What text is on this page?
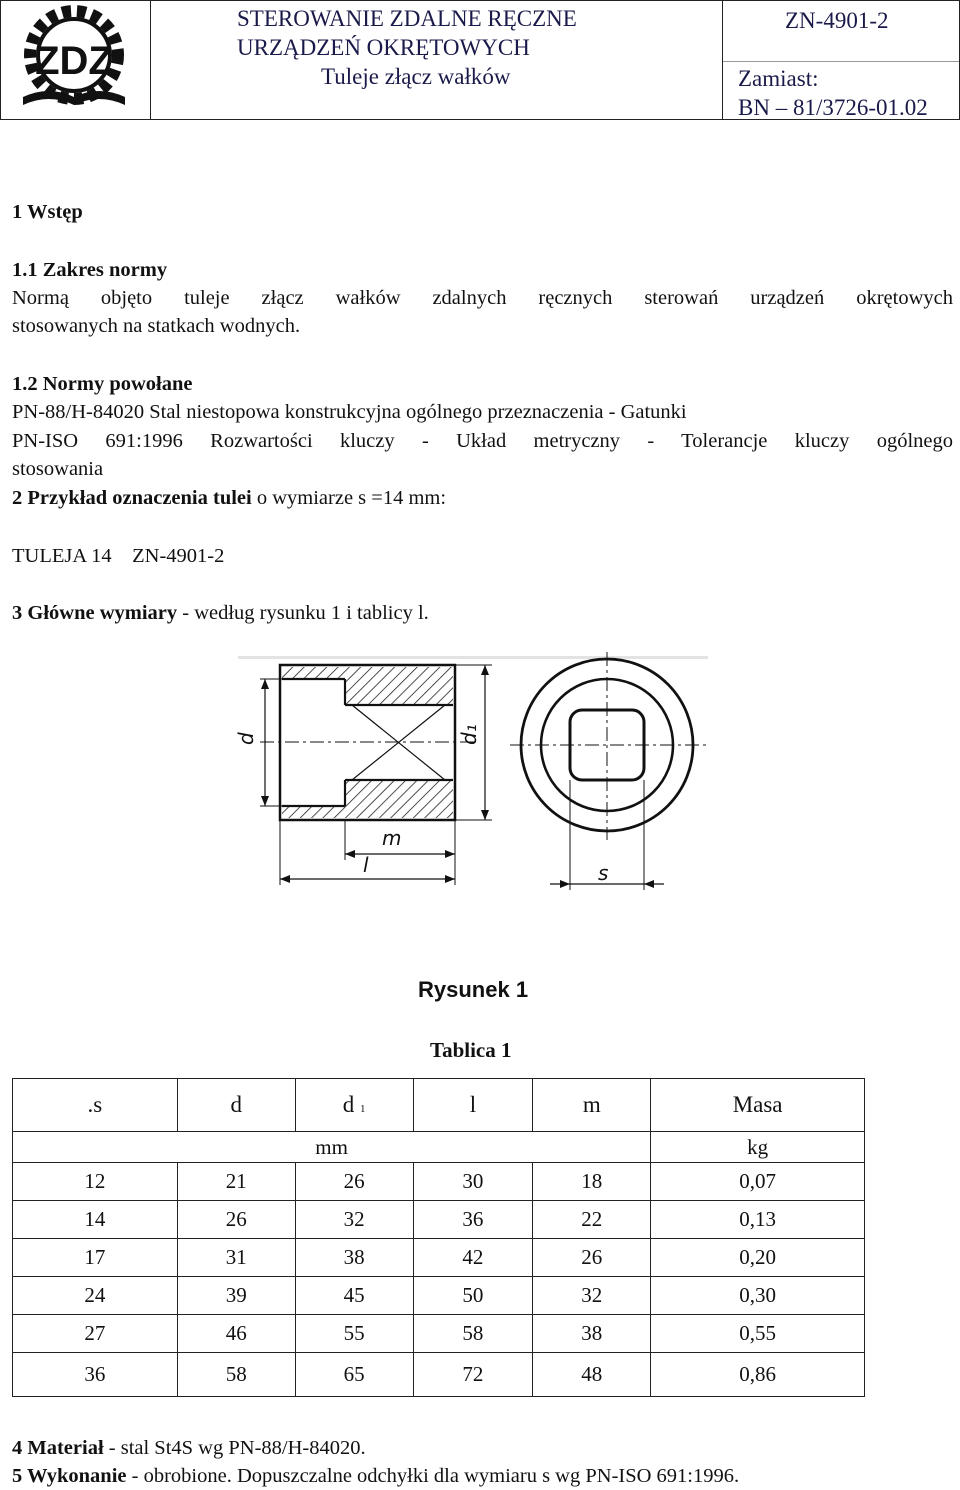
ZDZ
STEROWANIE ZDALNE RĘCZNE
URZĄDZEŃ OKRĘTOWYCH
Tuleje złącz wałków
ZN-4901-2
Zamiast:
BN – 81/3726-01.02
1 Wstęp
1.1 Zakres normy
Normą objęto tuleje złącz wałków zdalnych ręcznych sterowań urządzeń okrętowych
stosowanych na statkach wodnych.
1.2 Normy powołane
PN-88/H-84020 Stal niestopowa konstrukcyjna ogólnego przeznaczenia - Gatunki
PN-ISO 691:1996 Rozwartości kluczy - Układ metryczny - Tolerancje kluczy ogólnego
stosowania
2 Przykład oznaczenia tulei o wymiarze s =14 mm:
TULEJA 14    ZN-4901-2
3 Główne wymiary - według rysunku 1 i tablicy l.
d	d₁
m
l	s
Rysunek 1
Tablica 1
.s	d	d 1	l	m	Masa
mm					kg
12	21	26	30	18	0,07
14	26	32	36	22	0,13
17	31	38	42	26	0,20
24	39	45	50	32	0,30
27	46	55	58	38	0,55
36	58	65	72	48	0,86
4 Materiał - stal St4S wg PN-88/H-84020.
5 Wykonanie - obrobione. Dopuszczalne odchyłki dla wymiaru s wg PN-ISO 691:1996.
